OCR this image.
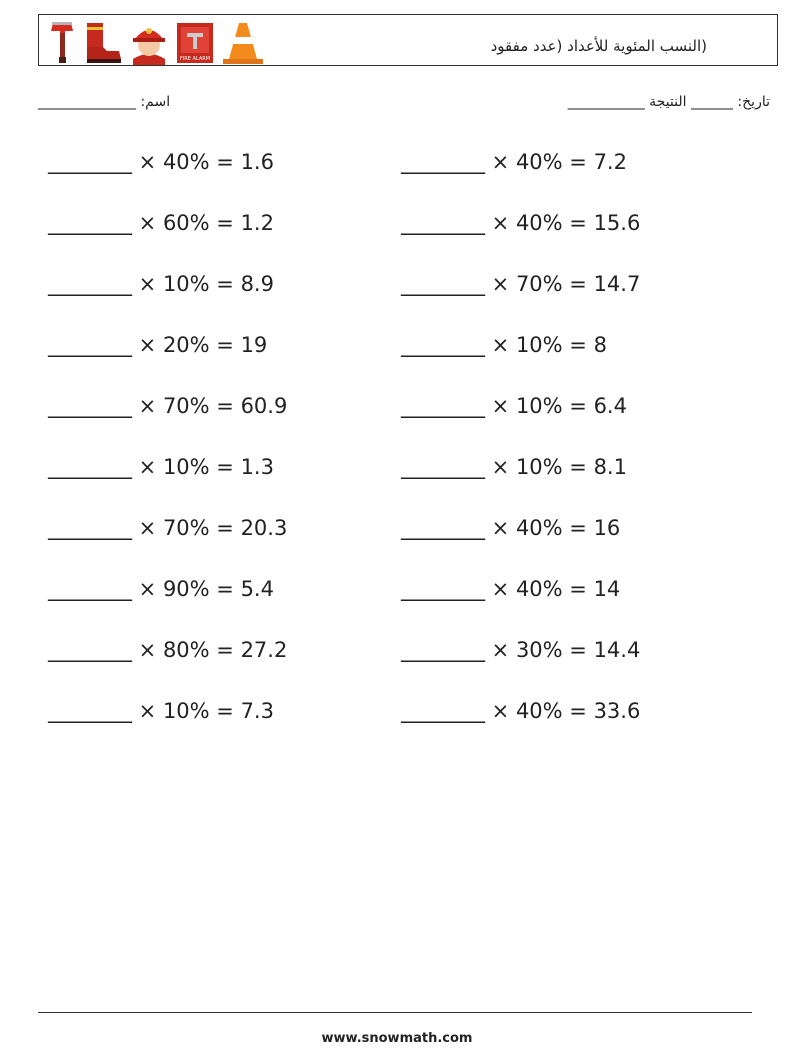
FIRE ALARM
(النسب المئوية للأعداد (عدد مفقود
اسم: ______________	تاريخ: ______ النتيجة ___________
________ × 40% = 1.6
________ × 60% = 1.2
________ × 10% = 8.9
________ × 20% = 19
________ × 70% = 60.9
________ × 10% = 1.3
________ × 70% = 20.3
________ × 90% = 5.4
________ × 80% = 27.2
________ × 10% = 7.3
________ × 40% = 7.2
________ × 40% = 15.6
________ × 70% = 14.7
________ × 10% = 8
________ × 10% = 6.4
________ × 10% = 8.1
________ × 40% = 16
________ × 40% = 14
________ × 30% = 14.4
________ × 40% = 33.6
www.snowmath.com
